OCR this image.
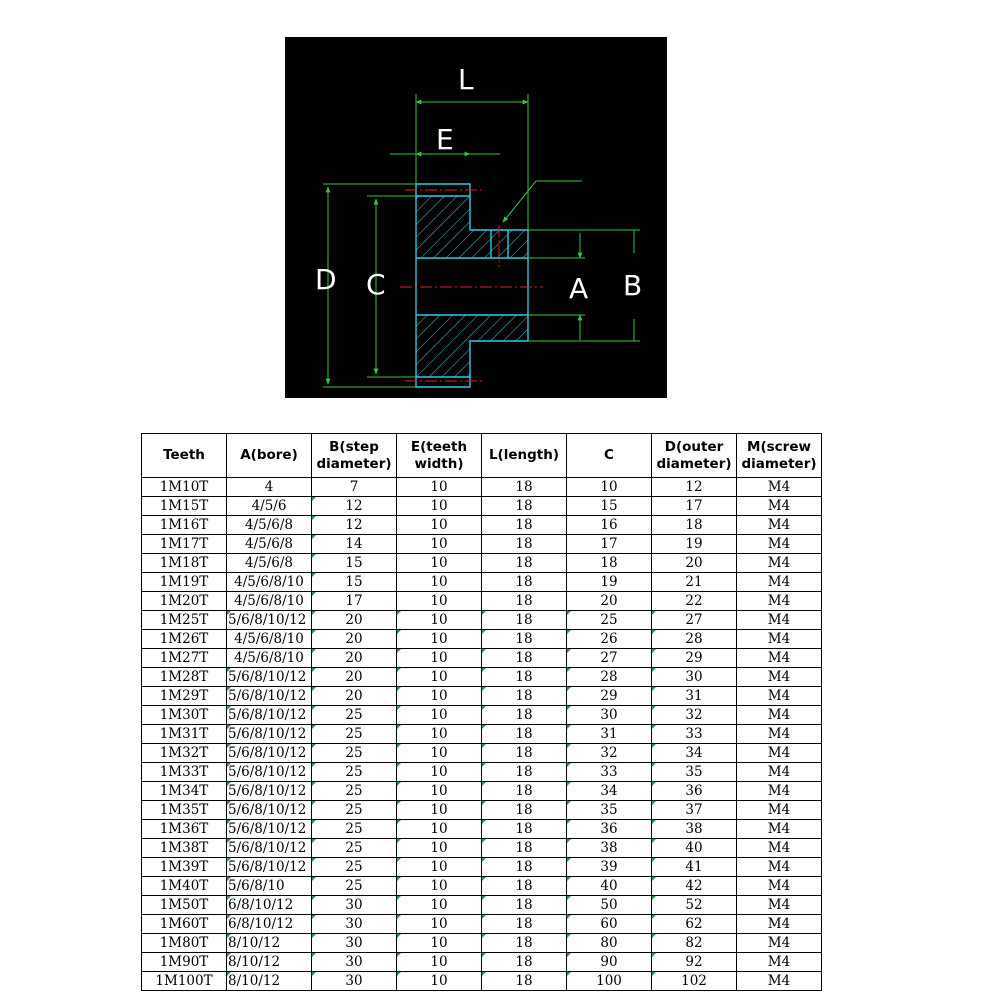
L
E
D C	A B
Teeth	A(bore)	B(step diameter)	E(teeth width)	L(length)	C	D(outer diameter)	M(screw diameter)
1M10T	4	7	10	18	10	12	M4
1M15T	4/5/6	12	10	18	15	17	M4
1M16T	4/5/6/8	12	10	18	16	18	M4
1M17T	4/5/6/8	14	10	18	17	19	M4
1M18T	4/5/6/8	15	10	18	18	20	M4
1M19T	4/5/6/8/10	15	10	18	19	21	M4
1M20T	4/5/6/8/10	17	10	18	20	22	M4
1M25T	5/6/8/10/12	20	10	18	25	27	M4
1M26T	4/5/6/8/10	20	10	18	26	28	M4
1M27T	4/5/6/8/10	20	10	18	27	29	M4
1M28T	5/6/8/10/12	20	10	18	28	30	M4
1M29T	5/6/8/10/12	20	10	18	29	31	M4
1M30T	5/6/8/10/12	25	10	18	30	32	M4
1M31T	5/6/8/10/12	25	10	18	31	33	M4
1M32T	5/6/8/10/12	25	10	18	32	34	M4
1M33T	5/6/8/10/12	25	10	18	33	35	M4
1M34T	5/6/8/10/12	25	10	18	34	36	M4
1M35T	5/6/8/10/12	25	10	18	35	37	M4
1M36T	5/6/8/10/12	25	10	18	36	38	M4
1M38T	5/6/8/10/12	25	10	18	38	40	M4
1M39T	5/6/8/10/12	25	10	18	39	41	M4
1M40T	5/6/8/10	25	10	18	40	42	M4
1M50T	6/8/10/12	30	10	18	50	52	M4
1M60T	6/8/10/12	30	10	18	60	62	M4
1M80T	8/10/12	30	10	18	80	82	M4
1M90T	8/10/12	30	10	18	90	92	M4
1M100T	8/10/12	30	10	18	100	102	M4
